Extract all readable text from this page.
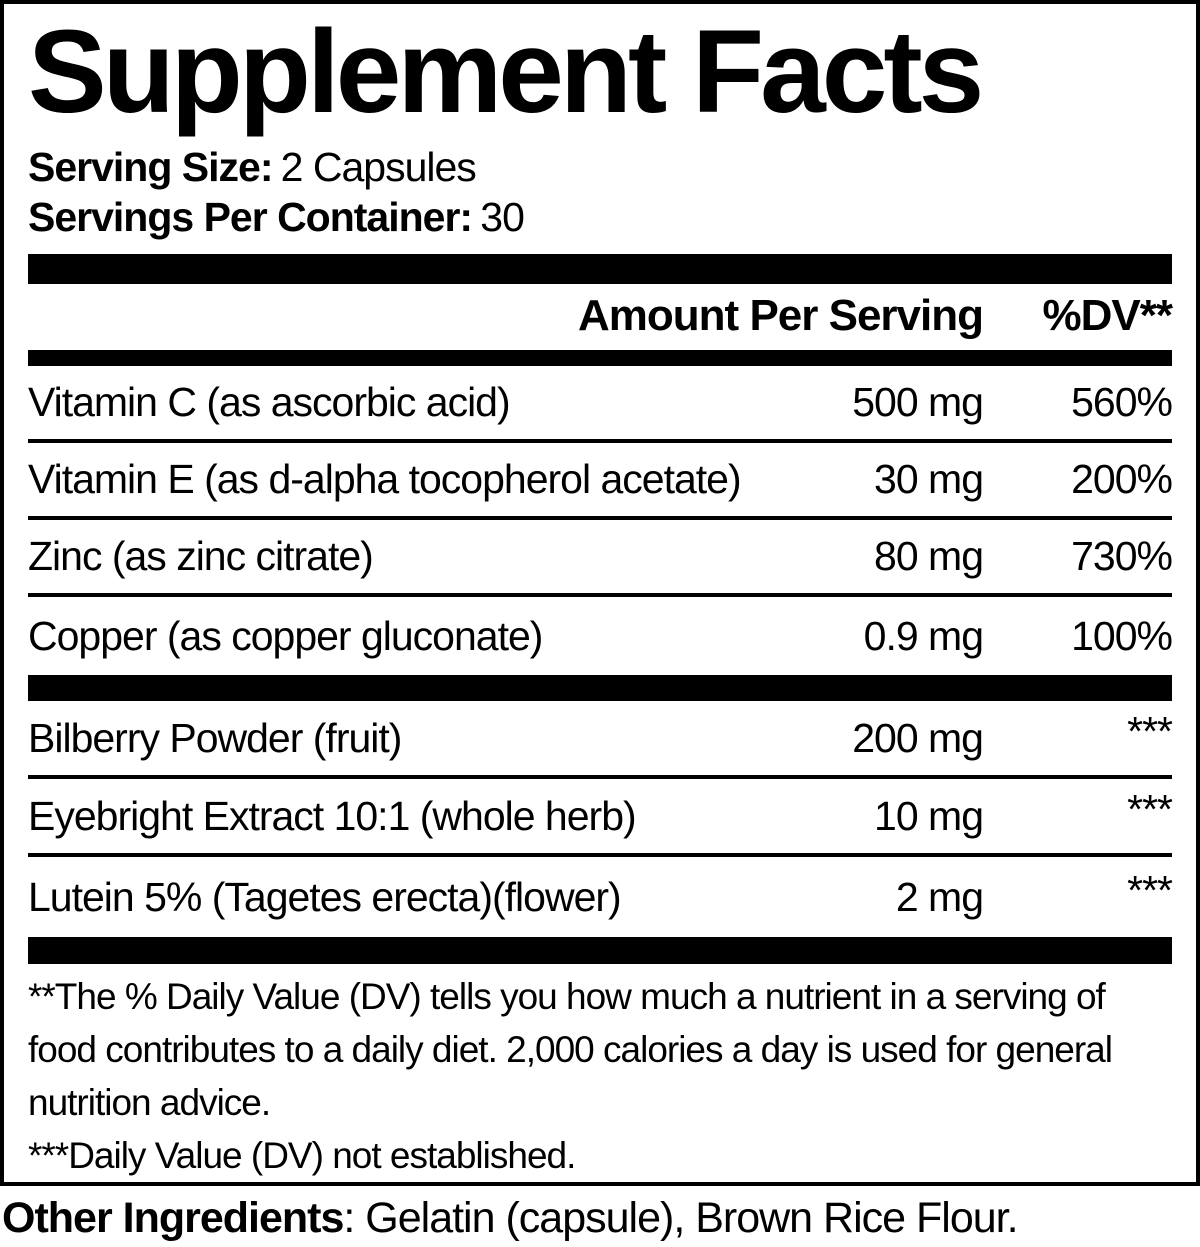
Supplement Facts
Serving Size: 2 Capsules
Servings Per Container: 30
Amount Per Serving	%DV**
Vitamin C (as ascorbic acid)	500 mg	560%
Vitamin E (as d-alpha tocopherol acetate)	30 mg	200%
Zinc (as zinc citrate)	80 mg	730%
Copper (as copper gluconate)	0.9 mg	100%
Bilberry Powder (fruit)	200 mg	***
Eyebright Extract 10:1 (whole herb)	10 mg	***
Lutein 5% (Tagetes erecta)(flower)	2 mg	***

**The % Daily Value (DV) tells you how much a nutrient in a serving of food contributes to a daily diet. 2,000 calories a day is used for general nutrition advice.

***Daily Value (DV) not established.

Other Ingredients: Gelatin (capsule), Brown Rice Flour.
